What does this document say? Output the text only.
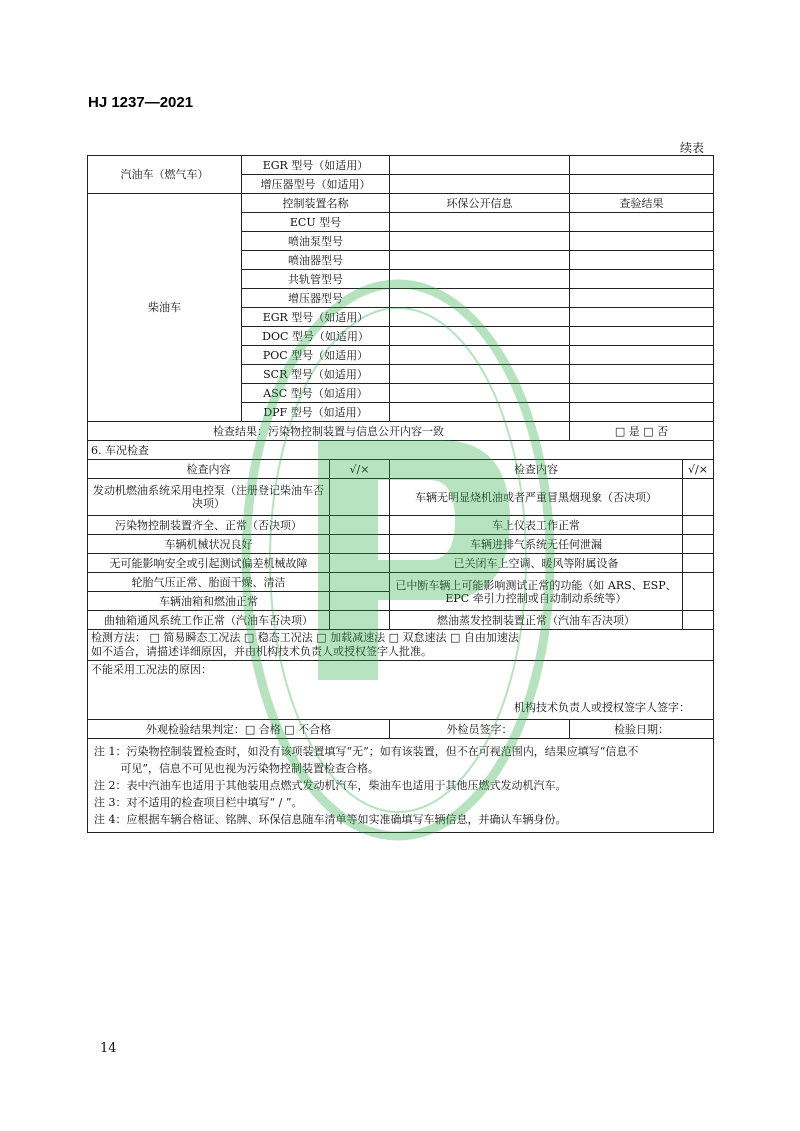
HJ 1237—2021
续表
汽油车（燃气车）	EGR 型号（如适用）				
	增压器型号（如适用）				
柴油车	控制装置名称		环保公开信息	查验结果	
	ECU 型号				
	喷油泵型号				
	喷油器型号				
	共轨管型号				
	增压器型号				
	EGR 型号（如适用）				
	DOC 型号（如适用）				
	POC 型号（如适用）				
	SCR 型号（如适用）				
	ASC 型号（如适用）				
	DPF 型号（如适用）				
检查结果：污染物控制装置与信息公开内容一致				□ 是 □ 否	
6. 车况检查					
检查内容		√/×	检查内容		√/×
发动机燃油系统采用电控泵（注册登记柴油车否决项）			车辆无明显烧机油或者严重冒黑烟现象（否决项）		
污染物控制装置齐全、正常（否决项）			车上仪表工作正常		
车辆机械状况良好			车辆进排气系统无任何泄漏		
无可能影响安全或引起测试偏差机械故障			已关闭车上空调、暖风等附属设备		
轮胎气压正常、胎面干燥、清洁			已中断车辆上可能影响测试正常的功能（如 ARS、ESP、EPC 牵引力控制或自动制动系统等）		
车辆油箱和燃油正常					
曲轴箱通风系统工作正常（汽油车否决项）			燃油蒸发控制装置正常（汽油车否决项）		

检测方法： □ 简易瞬态工况法 □ 稳态工况法 □ 加载减速法 □ 双怠速法 □ 自由加速法
如不适合，请描述详细原因，并由机构技术负责人或授权签字人批准。					

不能采用工况法的原因：
机构技术负责人或授权签字人签字：					

外观检验结果判定：□ 合格 □ 不合格			外检员签字：	检验日期：	

注 1：污染物控制装置检查时，如没有该项装置填写“无”；如有该装置，但不在可视范围内，结果应填写“信息不

可见”，信息不可见也视为污染物控制装置检查合格。

注 2：表中汽油车也适用于其他装用点燃式发动机汽车，柴油车也适用于其他压燃式发动机汽车。

注 3：对不适用的检查项目栏中填写“ / ”。

注 4：应根据车辆合格证、铭牌、环保信息随车清单等如实准确填写车辆信息，并确认车辆身份。					

14
